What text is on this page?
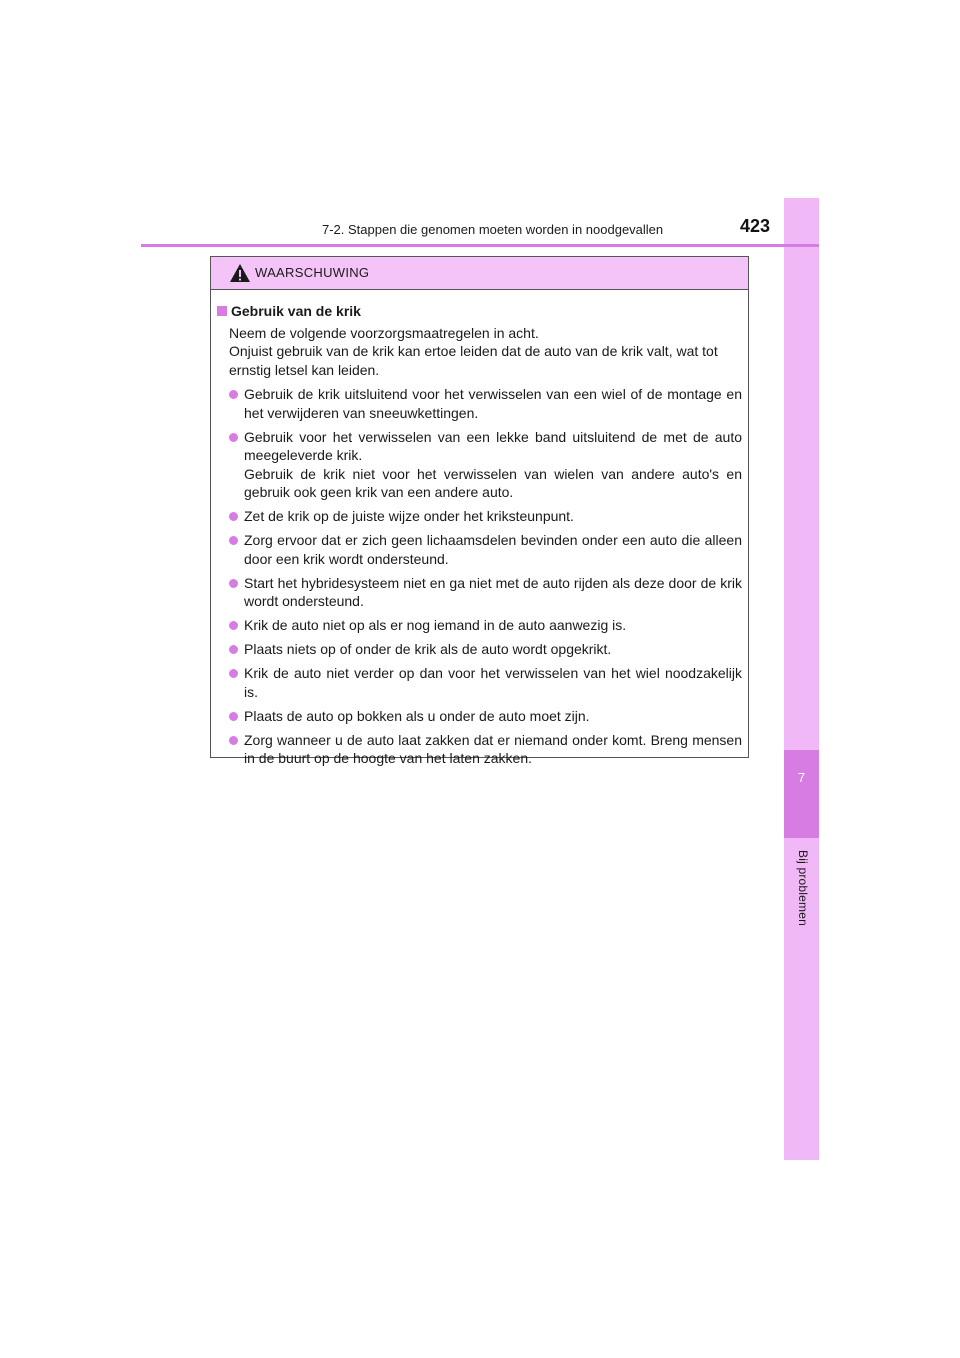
7
Bij problemen
7-2. Stappen die genomen moeten worden in noodgevallen	423
WAARSCHUWING
Gebruik van de krik

Neem de volgende voorzorgsmaatregelen in acht.

Onjuist gebruik van de krik kan ertoe leiden dat de auto van de krik valt, wat tot ernstig letsel kan leiden.

Gebruik de krik uitsluitend voor het verwisselen van een wiel of de montage en het verwijderen van sneeuwkettingen.

Gebruik voor het verwisselen van een lekke band uitsluitend de met de auto meegeleverde krik.

Gebruik de krik niet voor het verwisselen van wielen van andere auto's en gebruik ook geen krik van een andere auto.

Zet de krik op de juiste wijze onder het kriksteunpunt.

Zorg ervoor dat er zich geen lichaamsdelen bevinden onder een auto die alleen door een krik wordt ondersteund.

Start het hybridesysteem niet en ga niet met de auto rijden als deze door de krik wordt ondersteund.

Krik de auto niet op als er nog iemand in de auto aanwezig is.

Plaats niets op of onder de krik als de auto wordt opgekrikt.

Krik de auto niet verder op dan voor het verwisselen van het wiel noodzakelijk is.

Plaats de auto op bokken als u onder de auto moet zijn.

Zorg wanneer u de auto laat zakken dat er niemand onder komt. Breng mensen in de buurt op de hoogte van het laten zakken.
